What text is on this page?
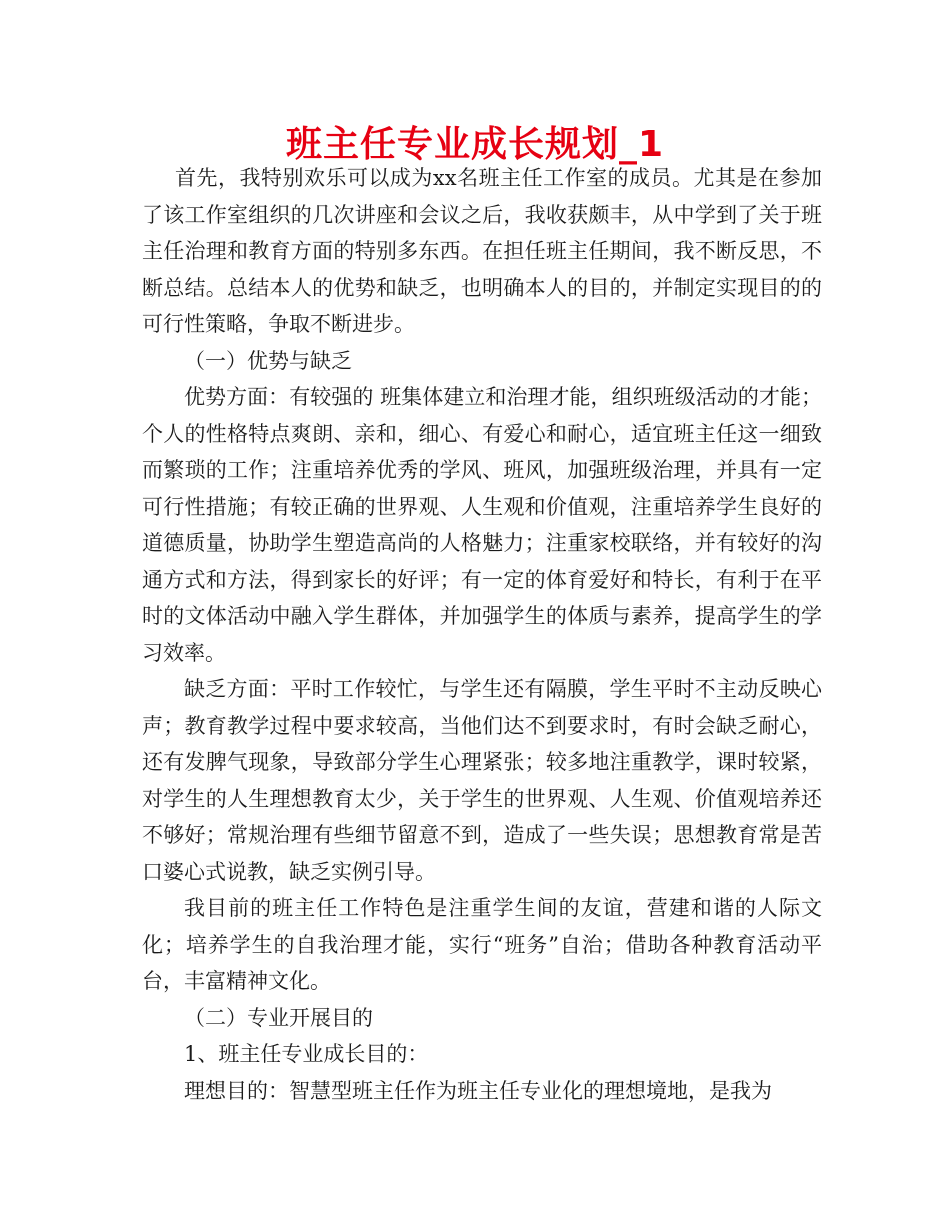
班主任专业成长规划_1

首先，我特别欢乐可以成为xx名班主任工作室的成员。尤其是在参加了该工作室组织的几次讲座和会议之后，我收获颇丰，从中学到了关于班主任治理和教育方面的特别多东西。在担任班主任期间，我不断反思，不断总结。总结本人的优势和缺乏，也明确本人的目的，并制定实现目的的可行性策略，争取不断进步。

（一）优势与缺乏

优势方面：有较强的 班集体建立和治理才能，组织班级活动的才能；个人的性格特点爽朗、亲和，细心、有爱心和耐心，适宜班主任这一细致而繁琐的工作；注重培养优秀的学风、班风，加强班级治理，并具有一定可行性措施；有较正确的世界观、人生观和价值观，注重培养学生良好的道德质量，协助学生塑造高尚的人格魅力；注重家校联络，并有较好的沟通方式和方法，得到家长的好评；有一定的体育爱好和特长，有利于在平时的文体活动中融入学生群体，并加强学生的体质与素养，提高学生的学习效率。

缺乏方面：平时工作较忙，与学生还有隔膜，学生平时不主动反映心声；教育教学过程中要求较高，当他们达不到要求时，有时会缺乏耐心，还有发脾气现象，导致部分学生心理紧张；较多地注重教学，课时较紧，对学生的人生理想教育太少，关于学生的世界观、人生观、价值观培养还不够好；常规治理有些细节留意不到，造成了一些失误；思想教育常是苦口婆心式说教，缺乏实例引导。

我目前的班主任工作特色是注重学生间的友谊，营建和谐的人际文化；培养学生的自我治理才能，实行“班务”自治；借助各种教育活动平台，丰富精神文化。

（二）专业开展目的

1、班主任专业成长目的：

理想目的：智慧型班主任作为班主任专业化的理想境地，是我为
